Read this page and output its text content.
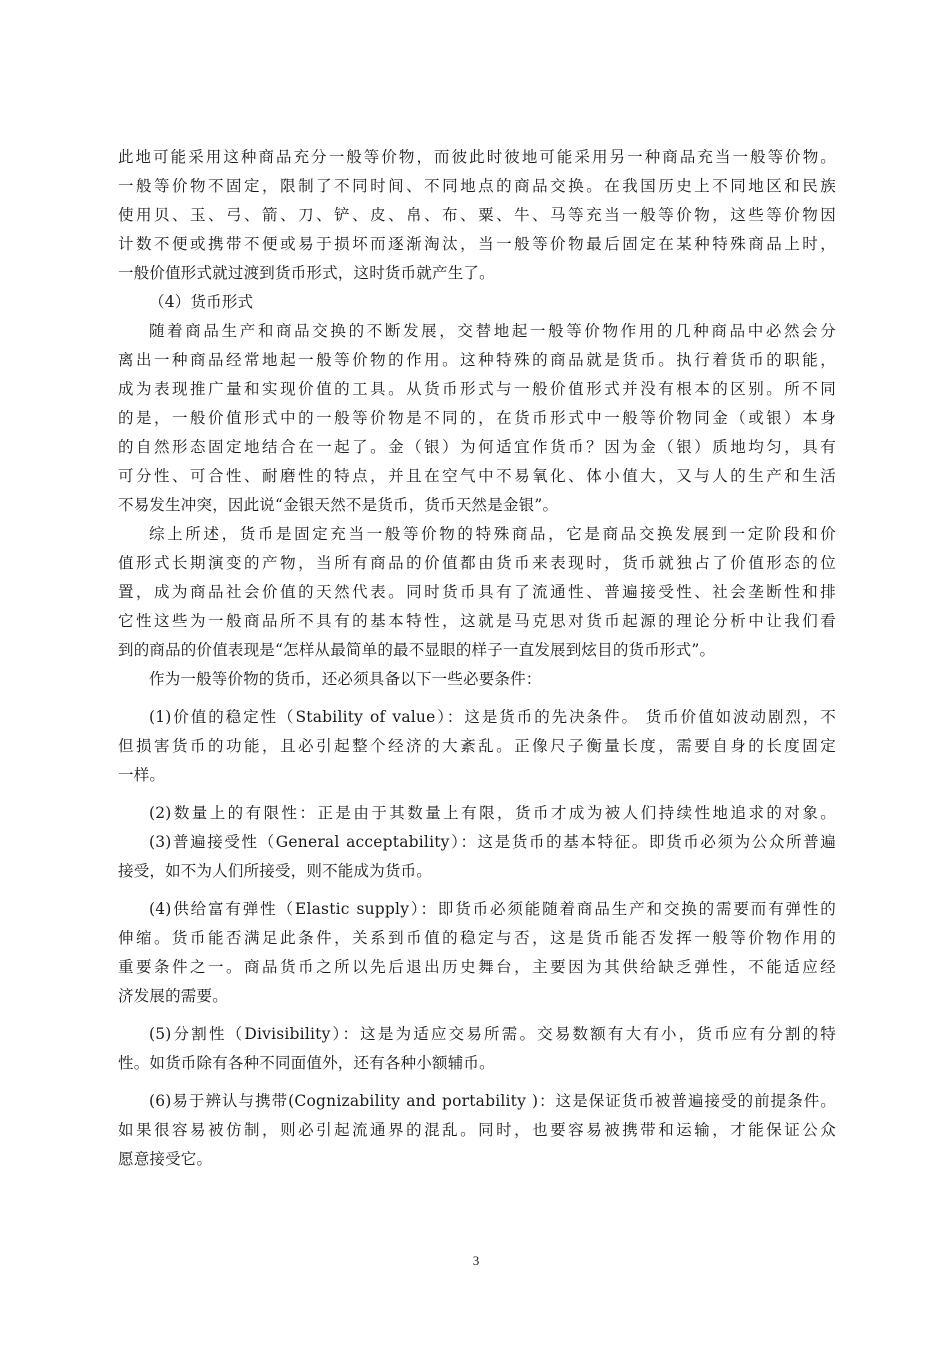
此地可能采用这种商品充分一般等价物，而彼此时彼地可能采用另一种商品充当一般等价物。
一般等价物不固定，限制了不同时间、不同地点的商品交换。在我国历史上不同地区和民族
使用贝、玉、弓、箭、刀、铲、皮、帛、布、粟、牛、马等充当一般等价物，这些等价物因
计数不便或携带不便或易于损坏而逐渐淘汰，当一般等价物最后固定在某种特殊商品上时，
一般价值形式就过渡到货币形式，这时货币就产生了。
（4）货币形式
随着商品生产和商品交换的不断发展，交替地起一般等价物作用的几种商品中必然会分
离出一种商品经常地起一般等价物的作用。这种特殊的商品就是货币。执行着货币的职能，
成为表现推广量和实现价值的工具。从货币形式与一般价值形式并没有根本的区别。所不同
的是，一般价值形式中的一般等价物是不同的，在货币形式中一般等价物同金（或银）本身
的自然形态固定地结合在一起了。金（银）为何适宜作货币？因为金（银）质地均匀，具有
可分性、可合性、耐磨性的特点，并且在空气中不易氧化、体小值大，又与人的生产和生活
不易发生冲突，因此说“金银天然不是货币，货币天然是金银”。
综上所述，货币是固定充当一般等价物的特殊商品，它是商品交换发展到一定阶段和价
值形式长期演变的产物，当所有商品的价值都由货币来表现时，货币就独占了价值形态的位
置，成为商品社会价值的天然代表。同时货币具有了流通性、普遍接受性、社会垄断性和排
它性这些为一般商品所不具有的基本特性，这就是马克思对货币起源的理论分析中让我们看
到的商品的价值表现是“怎样从最简单的最不显眼的样子一直发展到炫目的货币形式”。
作为一般等价物的货币，还必须具备以下一些必要条件：
(1)价值的稳定性（Stability of value）：这是货币的先决条件。 货币价值如波动剧烈，不
但损害货币的功能，且必引起整个经济的大紊乱。正像尺子衡量长度，需要自身的长度固定
一样。
(2)数量上的有限性：正是由于其数量上有限，货币才成为被人们持续性地追求的对象。
(3)普遍接受性（General acceptability）：这是货币的基本特征。即货币必须为公众所普遍
接受，如不为人们所接受，则不能成为货币。
(4)供给富有弹性（Elastic supply）：即货币必须能随着商品生产和交换的需要而有弹性的
伸缩。货币能否满足此条件，关系到币值的稳定与否，这是货币能否发挥一般等价物作用的
重要条件之一。商品货币之所以先后退出历史舞台，主要因为其供给缺乏弹性，不能适应经
济发展的需要。
(5)分割性（Divisibility）：这是为适应交易所需。交易数额有大有小，货币应有分割的特
性。如货币除有各种不同面值外，还有各种小额辅币。
(6)易于辨认与携带(Cognizability and portability )：这是保证货币被普遍接受的前提条件。
如果很容易被仿制，则必引起流通界的混乱。同时，也要容易被携带和运输，才能保证公众
愿意接受它。
3
